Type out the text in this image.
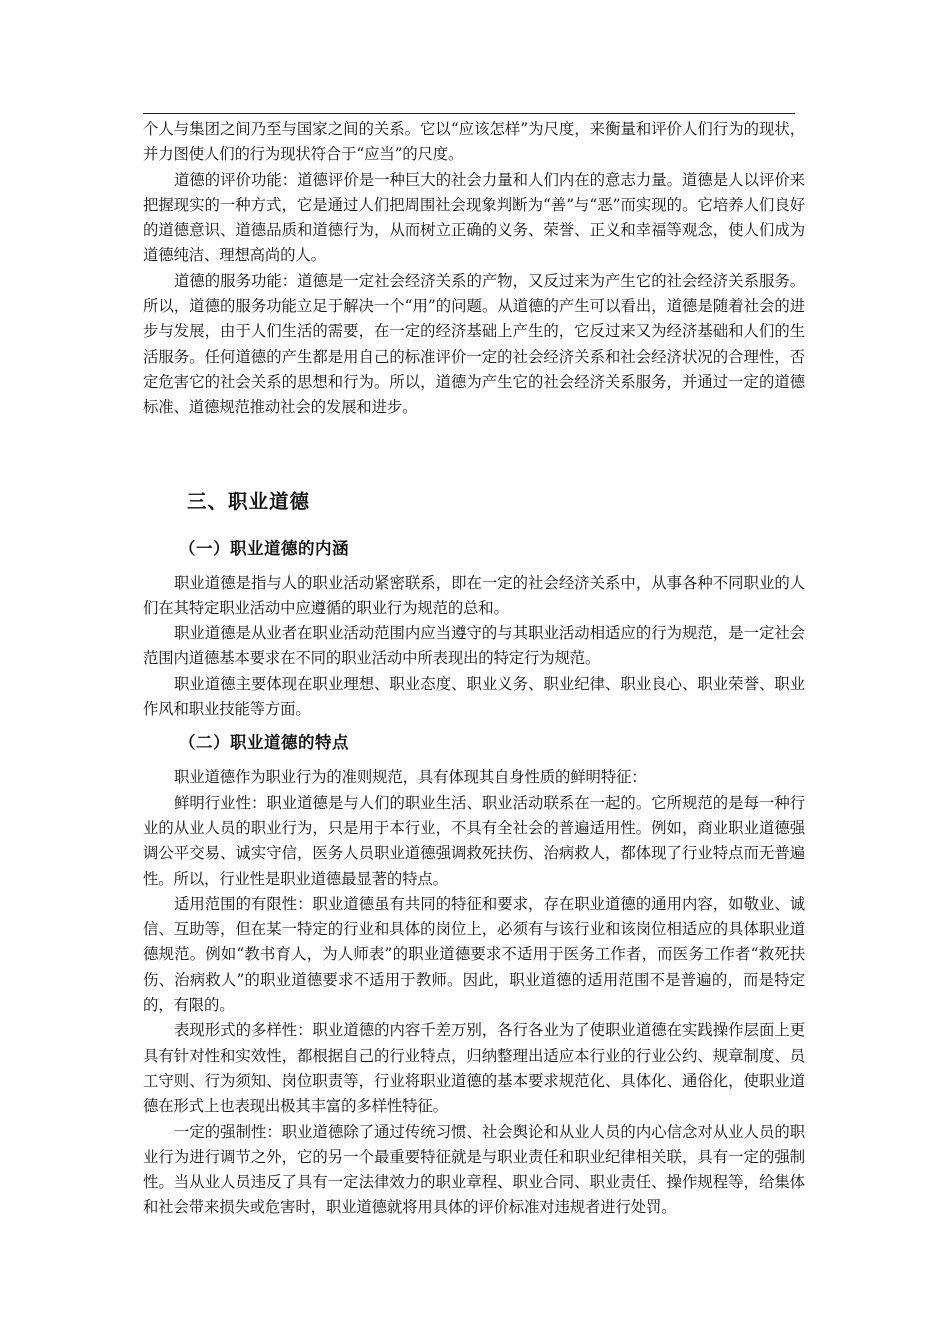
个人与集团之间乃至与国家之间的关系。它以“应该怎样”为尺度，来衡量和评价人们行为的现状，并力图使人们的行为现状符合于“应当”的尺度。

道德的评价功能：道德评价是一种巨大的社会力量和人们内在的意志力量。道德是人以评价来把握现实的一种方式，它是通过人们把周围社会现象判断为“善”与“恶”而实现的。它培养人们良好的道德意识、道德品质和道德行为，从而树立正确的义务、荣誉、正义和幸福等观念，使人们成为道德纯洁、理想高尚的人。

道德的服务功能：道德是一定社会经济关系的产物，又反过来为产生它的社会经济关系服务。所以，道德的服务功能立足于解决一个“用”的问题。从道德的产生可以看出，道德是随着社会的进步与发展，由于人们生活的需要，在一定的经济基础上产生的，它反过来又为经济基础和人们的生活服务。任何道德的产生都是用自己的标准评价一定的社会经济关系和社会经济状况的合理性，否定危害它的社会关系的思想和行为。所以，道德为产生它的社会经济关系服务，并通过一定的道德标准、道德规范推动社会的发展和进步。

三、职业道德
（一）职业道德的内涵

职业道德是指与人的职业活动紧密联系，即在一定的社会经济关系中，从事各种不同职业的人们在其特定职业活动中应遵循的职业行为规范的总和。

职业道德是从业者在职业活动范围内应当遵守的与其职业活动相适应的行为规范，是一定社会范围内道德基本要求在不同的职业活动中所表现出的特定行为规范。

职业道德主要体现在职业理想、职业态度、职业义务、职业纪律、职业良心、职业荣誉、职业作风和职业技能等方面。

（二）职业道德的特点

职业道德作为职业行为的准则规范，具有体现其自身性质的鲜明特征：

鲜明行业性：职业道德是与人们的职业生活、职业活动联系在一起的。它所规范的是每一种行业的从业人员的职业行为，只是用于本行业，不具有全社会的普遍适用性。例如，商业职业道德强调公平交易、诚实守信，医务人员职业道德强调救死扶伤、治病救人，都体现了行业特点而无普遍性。所以，行业性是职业道德最显著的特点。

适用范围的有限性：职业道德虽有共同的特征和要求，存在职业道德的通用内容，如敬业、诚信、互助等，但在某一特定的行业和具体的岗位上，必须有与该行业和该岗位相适应的具体职业道德规范。例如“教书育人，为人师表”的职业道德要求不适用于医务工作者，而医务工作者“救死扶伤、治病救人”的职业道德要求不适用于教师。因此，职业道德的适用范围不是普遍的，而是特定的，有限的。

表现形式的多样性：职业道德的内容千差万别，各行各业为了使职业道德在实践操作层面上更具有针对性和实效性，都根据自己的行业特点，归纳整理出适应本行业的行业公约、规章制度、员工守则、行为须知、岗位职责等，行业将职业道德的基本要求规范化、具体化、通俗化，使职业道德在形式上也表现出极其丰富的多样性特征。

一定的强制性：职业道德除了通过传统习惯、社会舆论和从业人员的内心信念对从业人员的职业行为进行调节之外，它的另一个最重要特征就是与职业责任和职业纪律相关联，具有一定的强制性。当从业人员违反了具有一定法律效力的职业章程、职业合同、职业责任、操作规程等，给集体和社会带来损失或危害时，职业道德就将用具体的评价标准对违规者进行处罚。
